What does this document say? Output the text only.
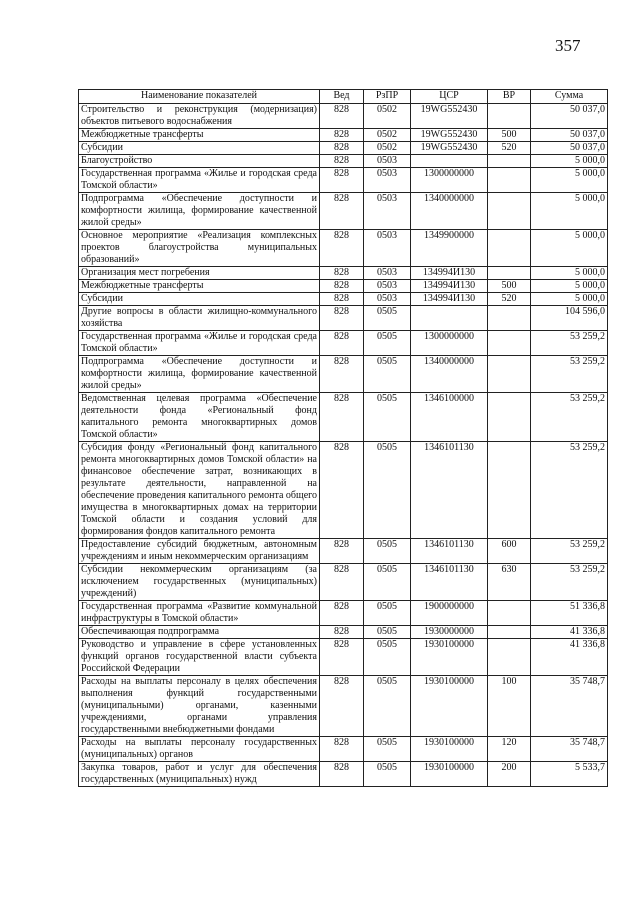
357
Наименование показателей	Вед	РзПР	ЦСР	ВР	Сумма
Строительство и реконструкция (модернизация) объектов питьевого водоснабжения	828	0502	19WG552430		50 037,0
Межбюджетные трансферты	828	0502	19WG552430	500	50 037,0
Субсидии	828	0502	19WG552430	520	50 037,0
Благоустройство	828	0503			5 000,0
Государственная программа «Жилье и городская среда Томской области»	828	0503	1300000000		5 000,0
Подпрограмма «Обеспечение доступности и комфортности жилища, формирование качественной жилой среды»	828	0503	1340000000		5 000,0
Основное мероприятие «Реализация комплексных проектов благоустройства муниципальных образований»	828	0503	1349900000		5 000,0
Организация мест погребения	828	0503	134994И130		5 000,0
Межбюджетные трансферты	828	0503	134994И130	500	5 000,0
Субсидии	828	0503	134994И130	520	5 000,0
Другие вопросы в области жилищно-коммунального хозяйства	828	0505			104 596,0
Государственная программа «Жилье и городская среда Томской области»	828	0505	1300000000		53 259,2
Подпрограмма «Обеспечение доступности и комфортности жилища, формирование качественной жилой среды»	828	0505	1340000000		53 259,2
Ведомственная целевая программа «Обеспечение деятельности фонда «Региональный фонд капитального ремонта многоквартирных домов Томской области»	828	0505	1346100000		53 259,2
Субсидия фонду «Региональный фонд капитального ремонта многоквартирных домов Томской области» на финансовое обеспечение затрат, возникающих в результате деятельности, направленной на обеспечение проведения капитального ремонта общего имущества в многоквартирных домах на территории Томской области и создания условий для формирования фондов капитального ремонта	828	0505	1346101130		53 259,2
Предоставление субсидий бюджетным, автономным учреждениям и иным некоммерческим организациям	828	0505	1346101130	600	53 259,2
Субсидии некоммерческим организациям (за исключением государственных (муниципальных) учреждений)	828	0505	1346101130	630	53 259,2
Государственная программа «Развитие коммунальной инфраструктуры в Томской области»	828	0505	1900000000		51 336,8
Обеспечивающая подпрограмма	828	0505	1930000000		41 336,8
Руководство и управление в сфере установленных функций органов государственной власти субъекта Российской Федерации	828	0505	1930100000		41 336,8
Расходы на выплаты персоналу в целях обеспечения выполнения функций государственными (муниципальными) органами, казенными учреждениями, органами управления государственными внебюджетными фондами	828	0505	1930100000	100	35 748,7
Расходы на выплаты персоналу государственных (муниципальных) органов	828	0505	1930100000	120	35 748,7
Закупка товаров, работ и услуг для обеспечения государственных (муниципальных) нужд	828	0505	1930100000	200	5 533,7
